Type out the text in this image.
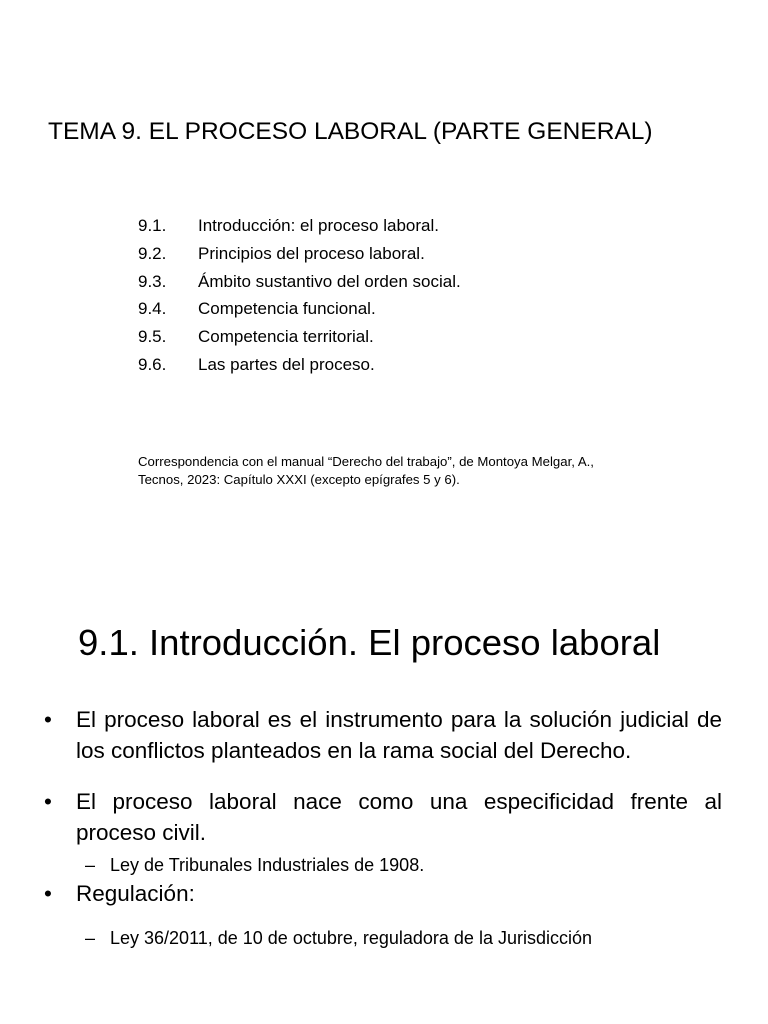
TEMA 9. EL PROCESO LABORAL (PARTE GENERAL)
9.1.	Introducción: el proceso laboral.
9.2.	Principios del proceso laboral.
9.3.	Ámbito sustantivo del orden social.
9.4.	Competencia funcional.
9.5.	Competencia territorial.
9.6.	Las partes del proceso.

Correspondencia con el manual “Derecho del trabajo”, de Montoya Melgar, A.,
Tecnos, 2023: Capítulo XXXI (excepto epígrafes 5 y 6).

9.1. Introducción. El proceso laboral
• El proceso laboral es el instrumento para la solución judicial de los conflictos planteados en la rama social del Derecho.
• El proceso laboral nace como una especificidad frente al proceso civil.
– Ley de Tribunales Industriales de 1908.
• Regulación:
– Ley 36/2011, de 10 de octubre, reguladora de la Jurisdicción
